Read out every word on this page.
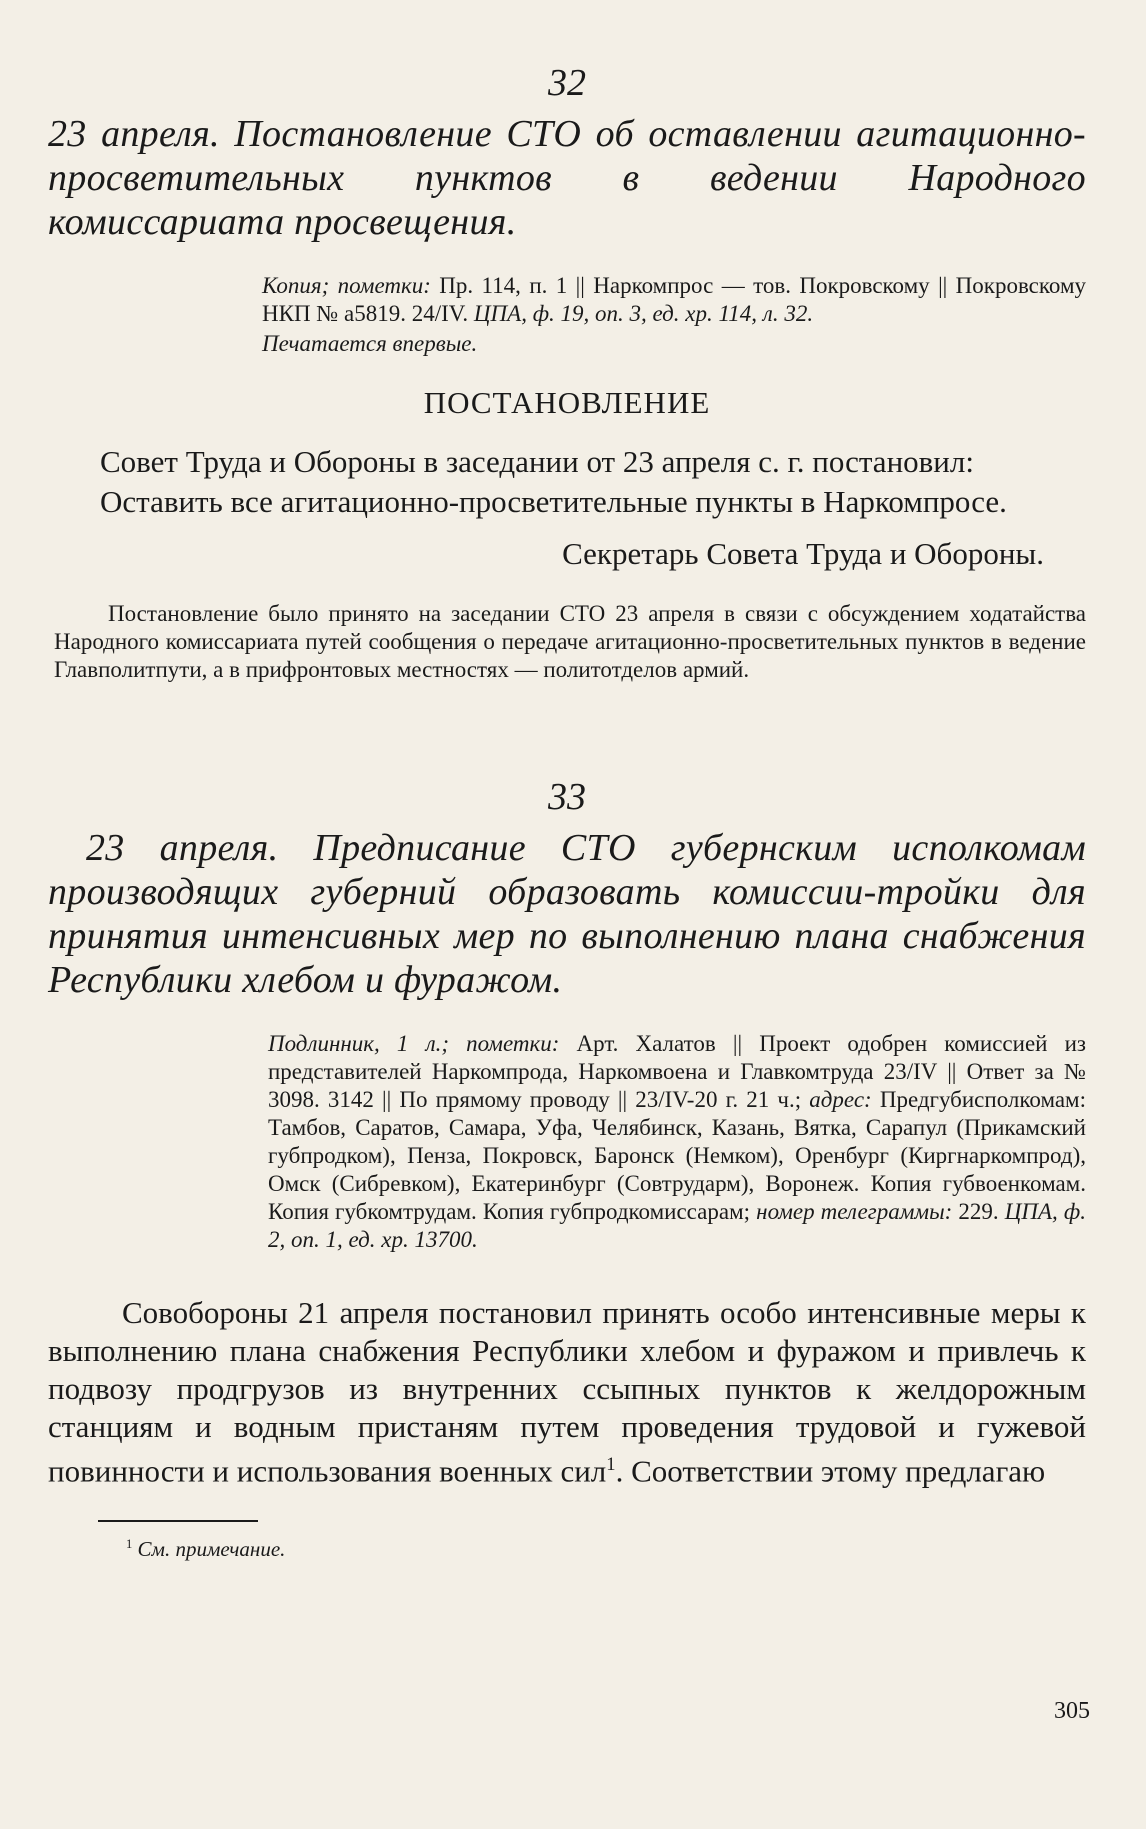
32

23 апреля. Постановление СТО об оставлении агитационно-просветительных пунктов в ведении Народного комиссариата просвещения.

Копия; пометки: Пр. 114, п. 1 || Наркомпрос — тов. Покровскому || Покровскому НКП № а5819. 24/IV. ЦПА, ф. 19, оп. 3, ед. хр. 114, л. 32.

Печатается впервые.

ПОСТАНОВЛЕНИЕ

Совет Труда и Обороны в заседании от 23 апреля с. г. постановил:

Оставить все агитационно-просветительные пункты в Наркомпросе.

Секретарь Совета Труда и Обороны.

Постановление было принято на заседании СТО 23 апреля в связи с обсуждением ходатайства Народного комиссариата путей сообщения о передаче агитационно-просветительных пунктов в ведение Главполитпути, а в прифронтовых местностях — политотделов армий.

33

23 апреля. Предписание СТО губернским исполкомам производящих губерний образовать комиссии-тройки для принятия интенсивных мер по выполнению плана снабжения Республики хлебом и фуражом.

Подлинник, 1 л.; пометки: Арт. Халатов || Проект одобрен комиссией из представителей Наркомпрода, Наркомвоена и Главкомтруда 23/IV || Ответ за № 3098. 3142 || По прямому проводу || 23/IV-20 г. 21 ч.; адрес: Предгубисполкомам: Тамбов, Саратов, Самара, Уфа, Челябинск, Казань, Вятка, Сарапул (Прикамский губпродком), Пенза, Покровск, Баронск (Немком), Оренбург (Киргнаркомпрод), Омск (Сибревком), Екатеринбург (Совтрударм), Воронеж. Копия губвоенкомам. Копия губкомтрудам. Копия губпродкомиссарам; номер телеграммы: 229. ЦПА, ф. 2, оп. 1, ед. хр. 13700.

Совобороны 21 апреля постановил принять особо интенсивные меры к выполнению плана снабжения Республики хлебом и фуражом и привлечь к подвозу продгрузов из внутренних ссыпных пунктов к желдорожным станциям и водным пристаням путем проведения трудовой и гужевой повинности и использования военных сил$^1$. Соответствии этому предлагаю

$^1$ См. примечание.
305
